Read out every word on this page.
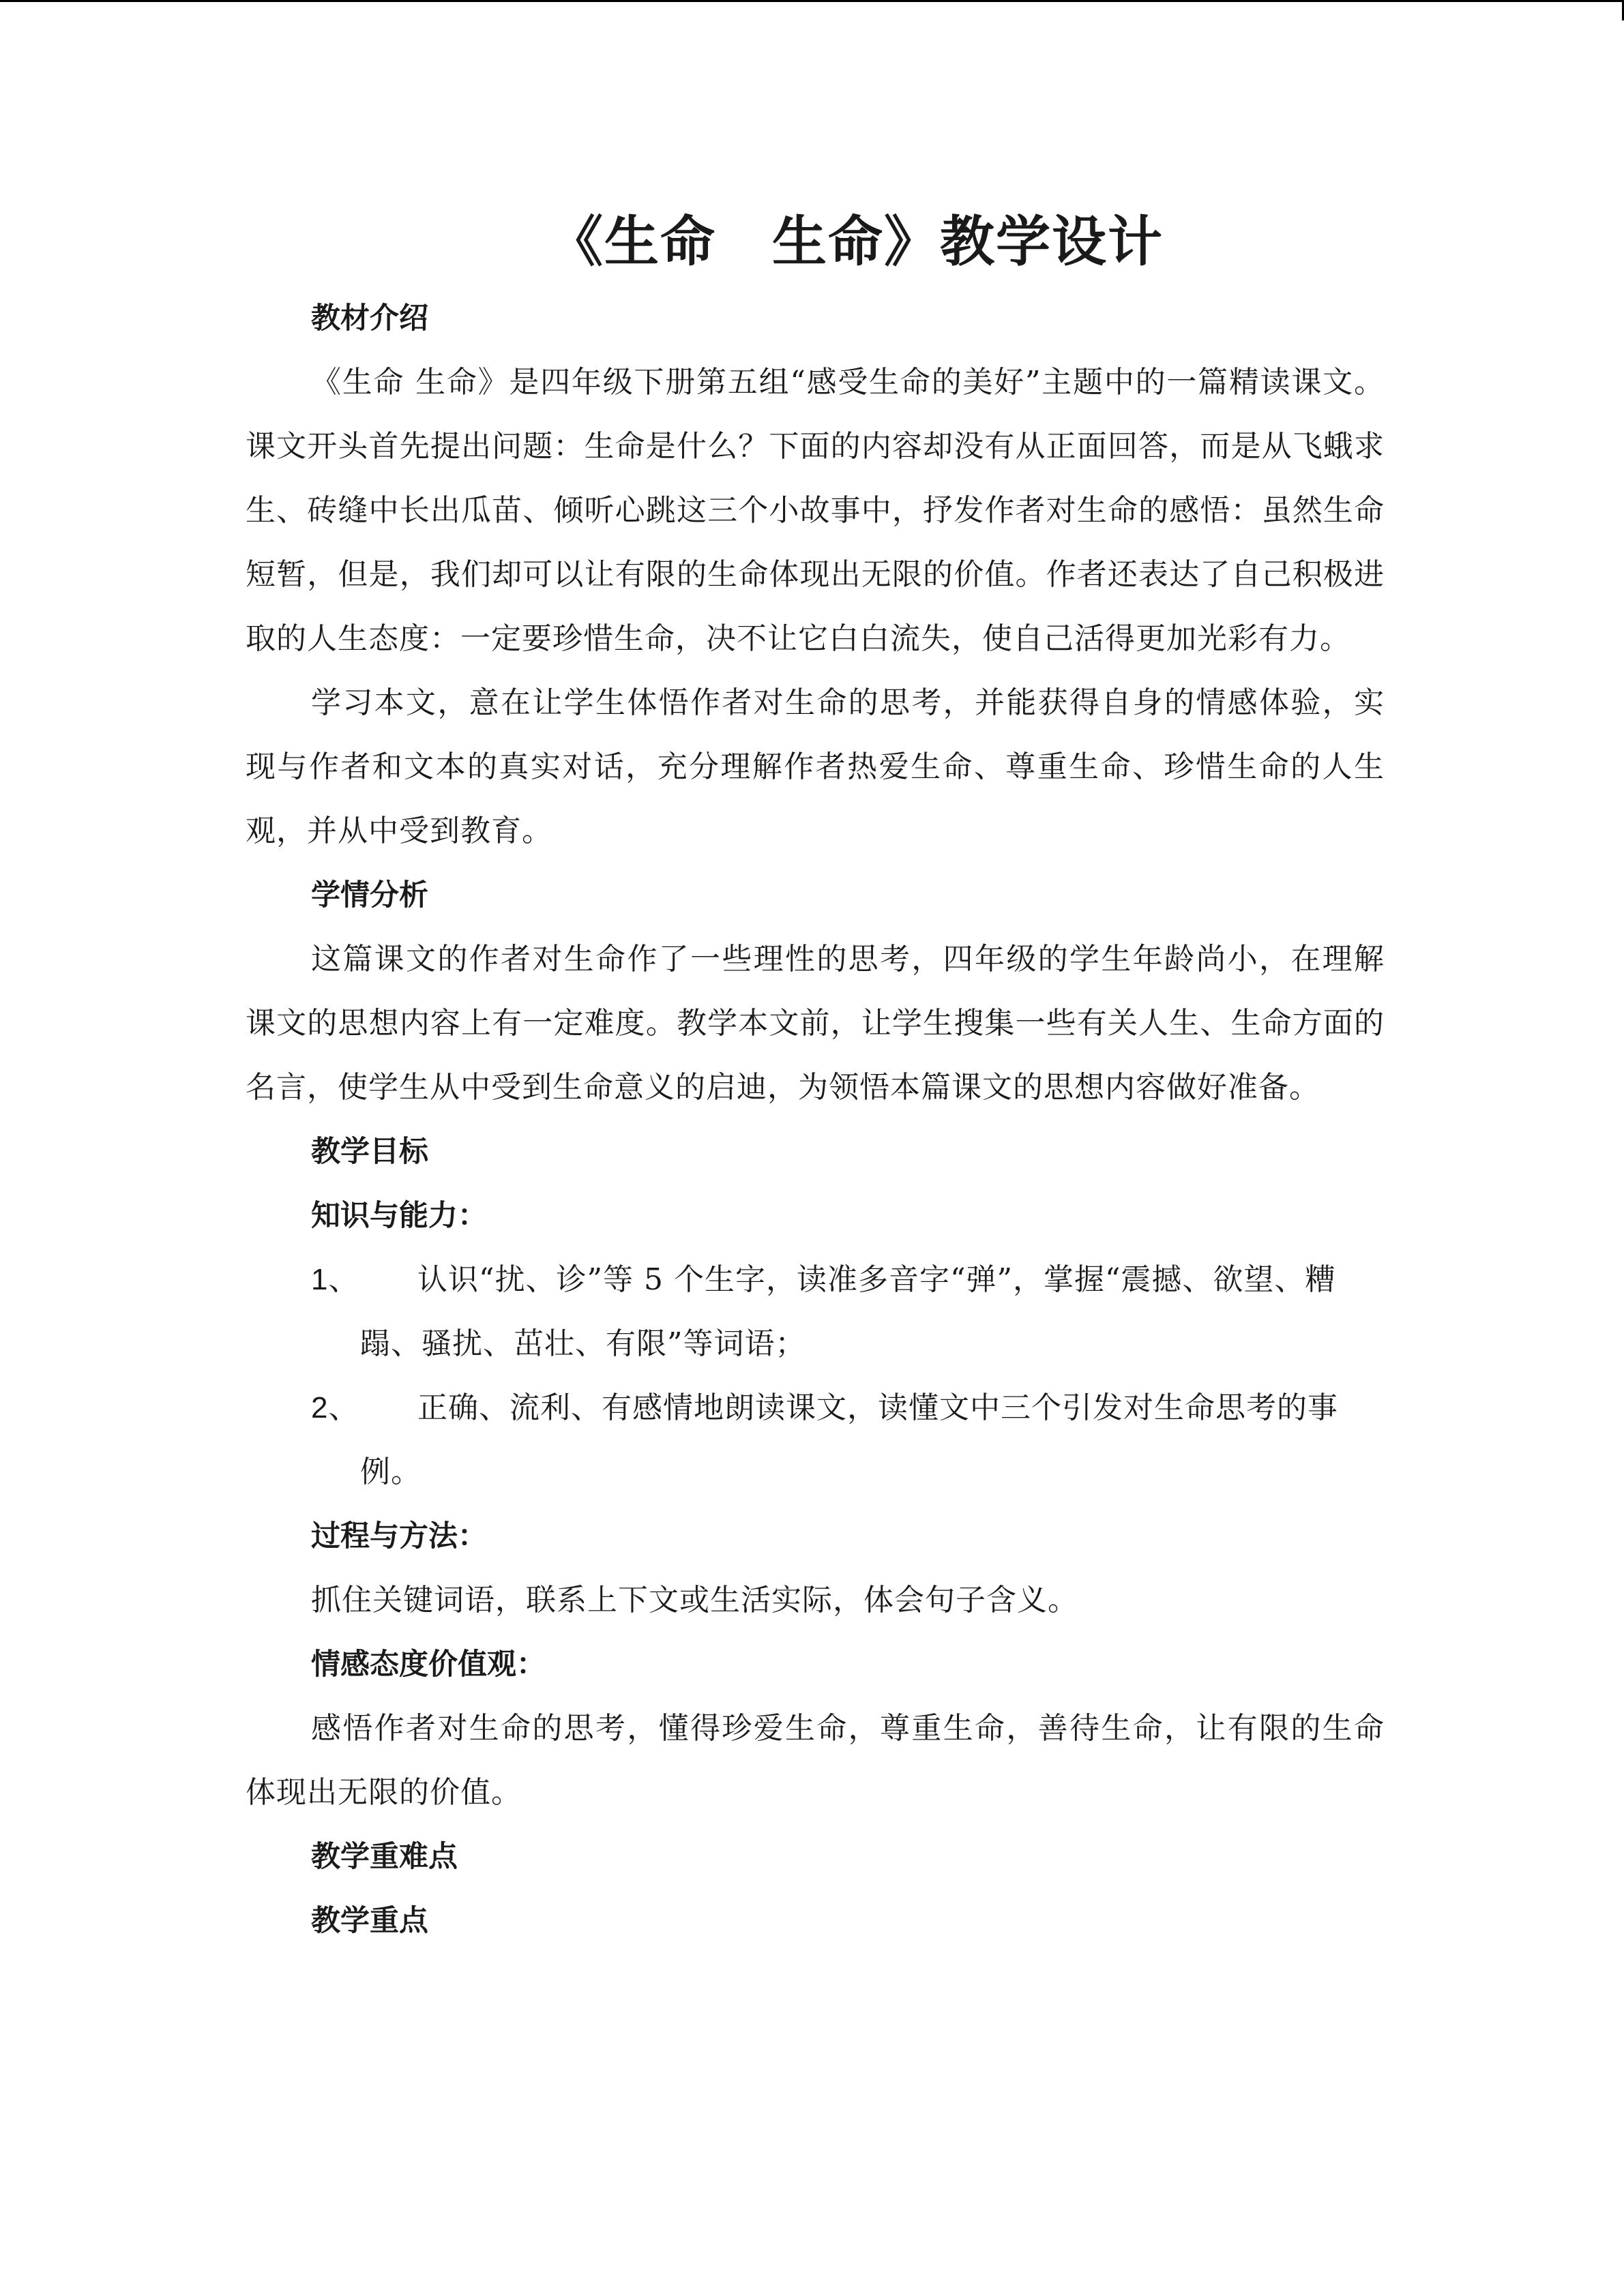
《生命　生命》教学设计
教材介绍

《生命 生命》是四年级下册第五组“感受生命的美好”主题中的一篇精读课文。课文开头首先提出问题：生命是什么？下面的内容却没有从正面回答，而是从飞蛾求生、砖缝中长出瓜苗、倾听心跳这三个小故事中，抒发作者对生命的感悟：虽然生命短暂，但是，我们却可以让有限的生命体现出无限的价值。作者还表达了自己积极进取的人生态度：一定要珍惜生命，决不让它白白流失，使自己活得更加光彩有力。

学习本文，意在让学生体悟作者对生命的思考，并能获得自身的情感体验，实现与作者和文本的真实对话，充分理解作者热爱生命、尊重生命、珍惜生命的人生观，并从中受到教育。

学情分析

这篇课文的作者对生命作了一些理性的思考，四年级的学生年龄尚小，在理解课文的思想内容上有一定难度。教学本文前，让学生搜集一些有关人生、生命方面的名言，使学生从中受到生命意义的启迪，为领悟本篇课文的思想内容做好准备。

教学目标
知识与能力：
1、	认识“扰、诊”等 5 个生字，读准多音字“弹”，掌握“震撼、欲望、糟蹋、骚扰、茁壮、有限”等词语；
2、	正确、流利、有感情地朗读课文，读懂文中三个引发对生命思考的事例。
过程与方法：

抓住关键词语，联系上下文或生活实际，体会句子含义。

情感态度价值观：

感悟作者对生命的思考，懂得珍爱生命，尊重生命，善待生命，让有限的生命体现出无限的价值。

教学重难点
教学重点
